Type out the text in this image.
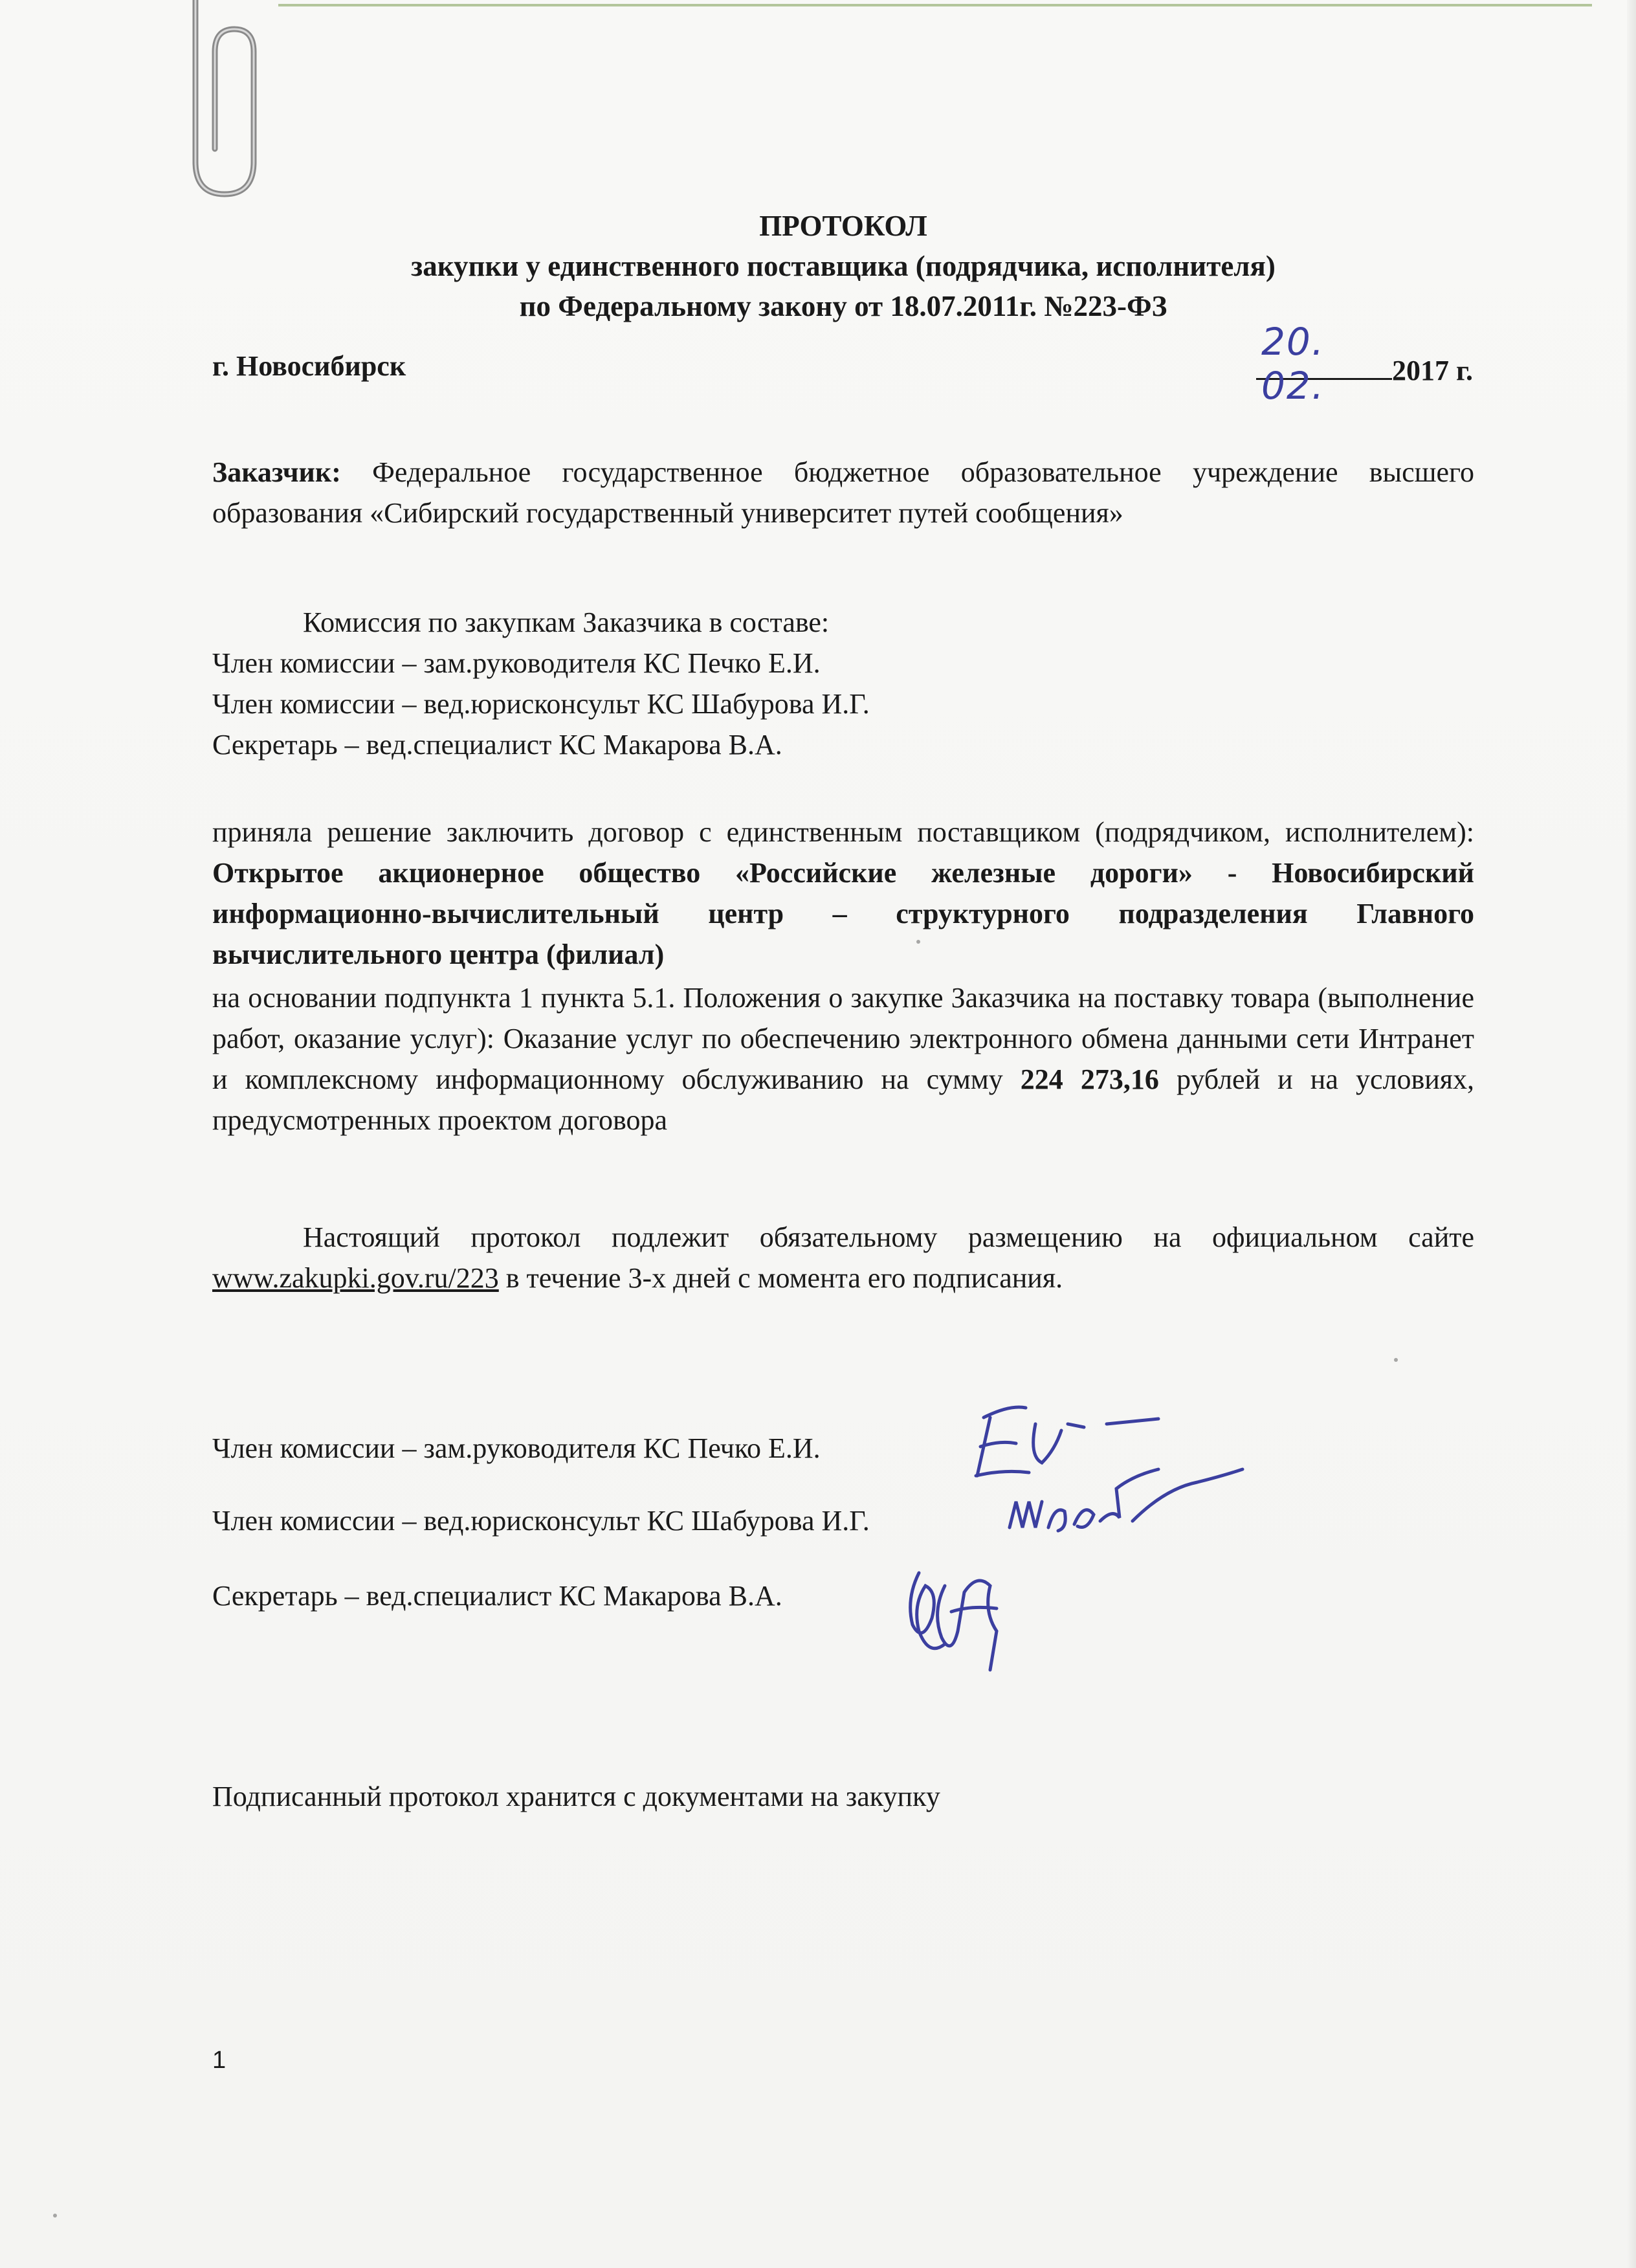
ПРОТОКОЛ
закупки у единственного поставщика (подрядчика, исполнителя)
по Федеральному закону от 18.07.2011г. №223-ФЗ
г. Новосибирск
20. 02.	2017 г.
Заказчик: Федеральное государственное бюджетное образовательное учреждение высшего образования «Сибирский государственный университет путей сообщения»
Комиссия по закупкам Заказчика в составе:
Член комиссии – зам.руководителя КС Печко Е.И.
Член комиссии – вед.юрисконсульт КС Шабурова И.Г.
Секретарь – вед.специалист КС Макарова В.А.
приняла решение заключить договор с единственным поставщиком (подрядчиком, исполнителем): Открытое акционерное общество «Российские железные дороги» - Новосибирский информационно-вычислительный центр – структурного подразделения Главного вычислительного центра (филиал)
на основании подпункта 1 пункта 5.1. Положения о закупке Заказчика на поставку товара (выполнение работ, оказание услуг): Оказание услуг по обеспечению электронного обмена данными сети Интранет и комплексному информационному обслуживанию на сумму 224 273,16 рублей и на условиях, предусмотренных проектом договора
Настоящий протокол подлежит обязательному размещению на официальном сайте www.zakupki.gov.ru/223 в течение 3-х дней с момента его подписания.
Член комиссии – зам.руководителя КС Печко Е.И.
Член комиссии – вед.юрисконсульт КС Шабурова И.Г.
Секретарь – вед.специалист КС Макарова В.А.
Подписанный протокол хранится с документами на закупку
1
